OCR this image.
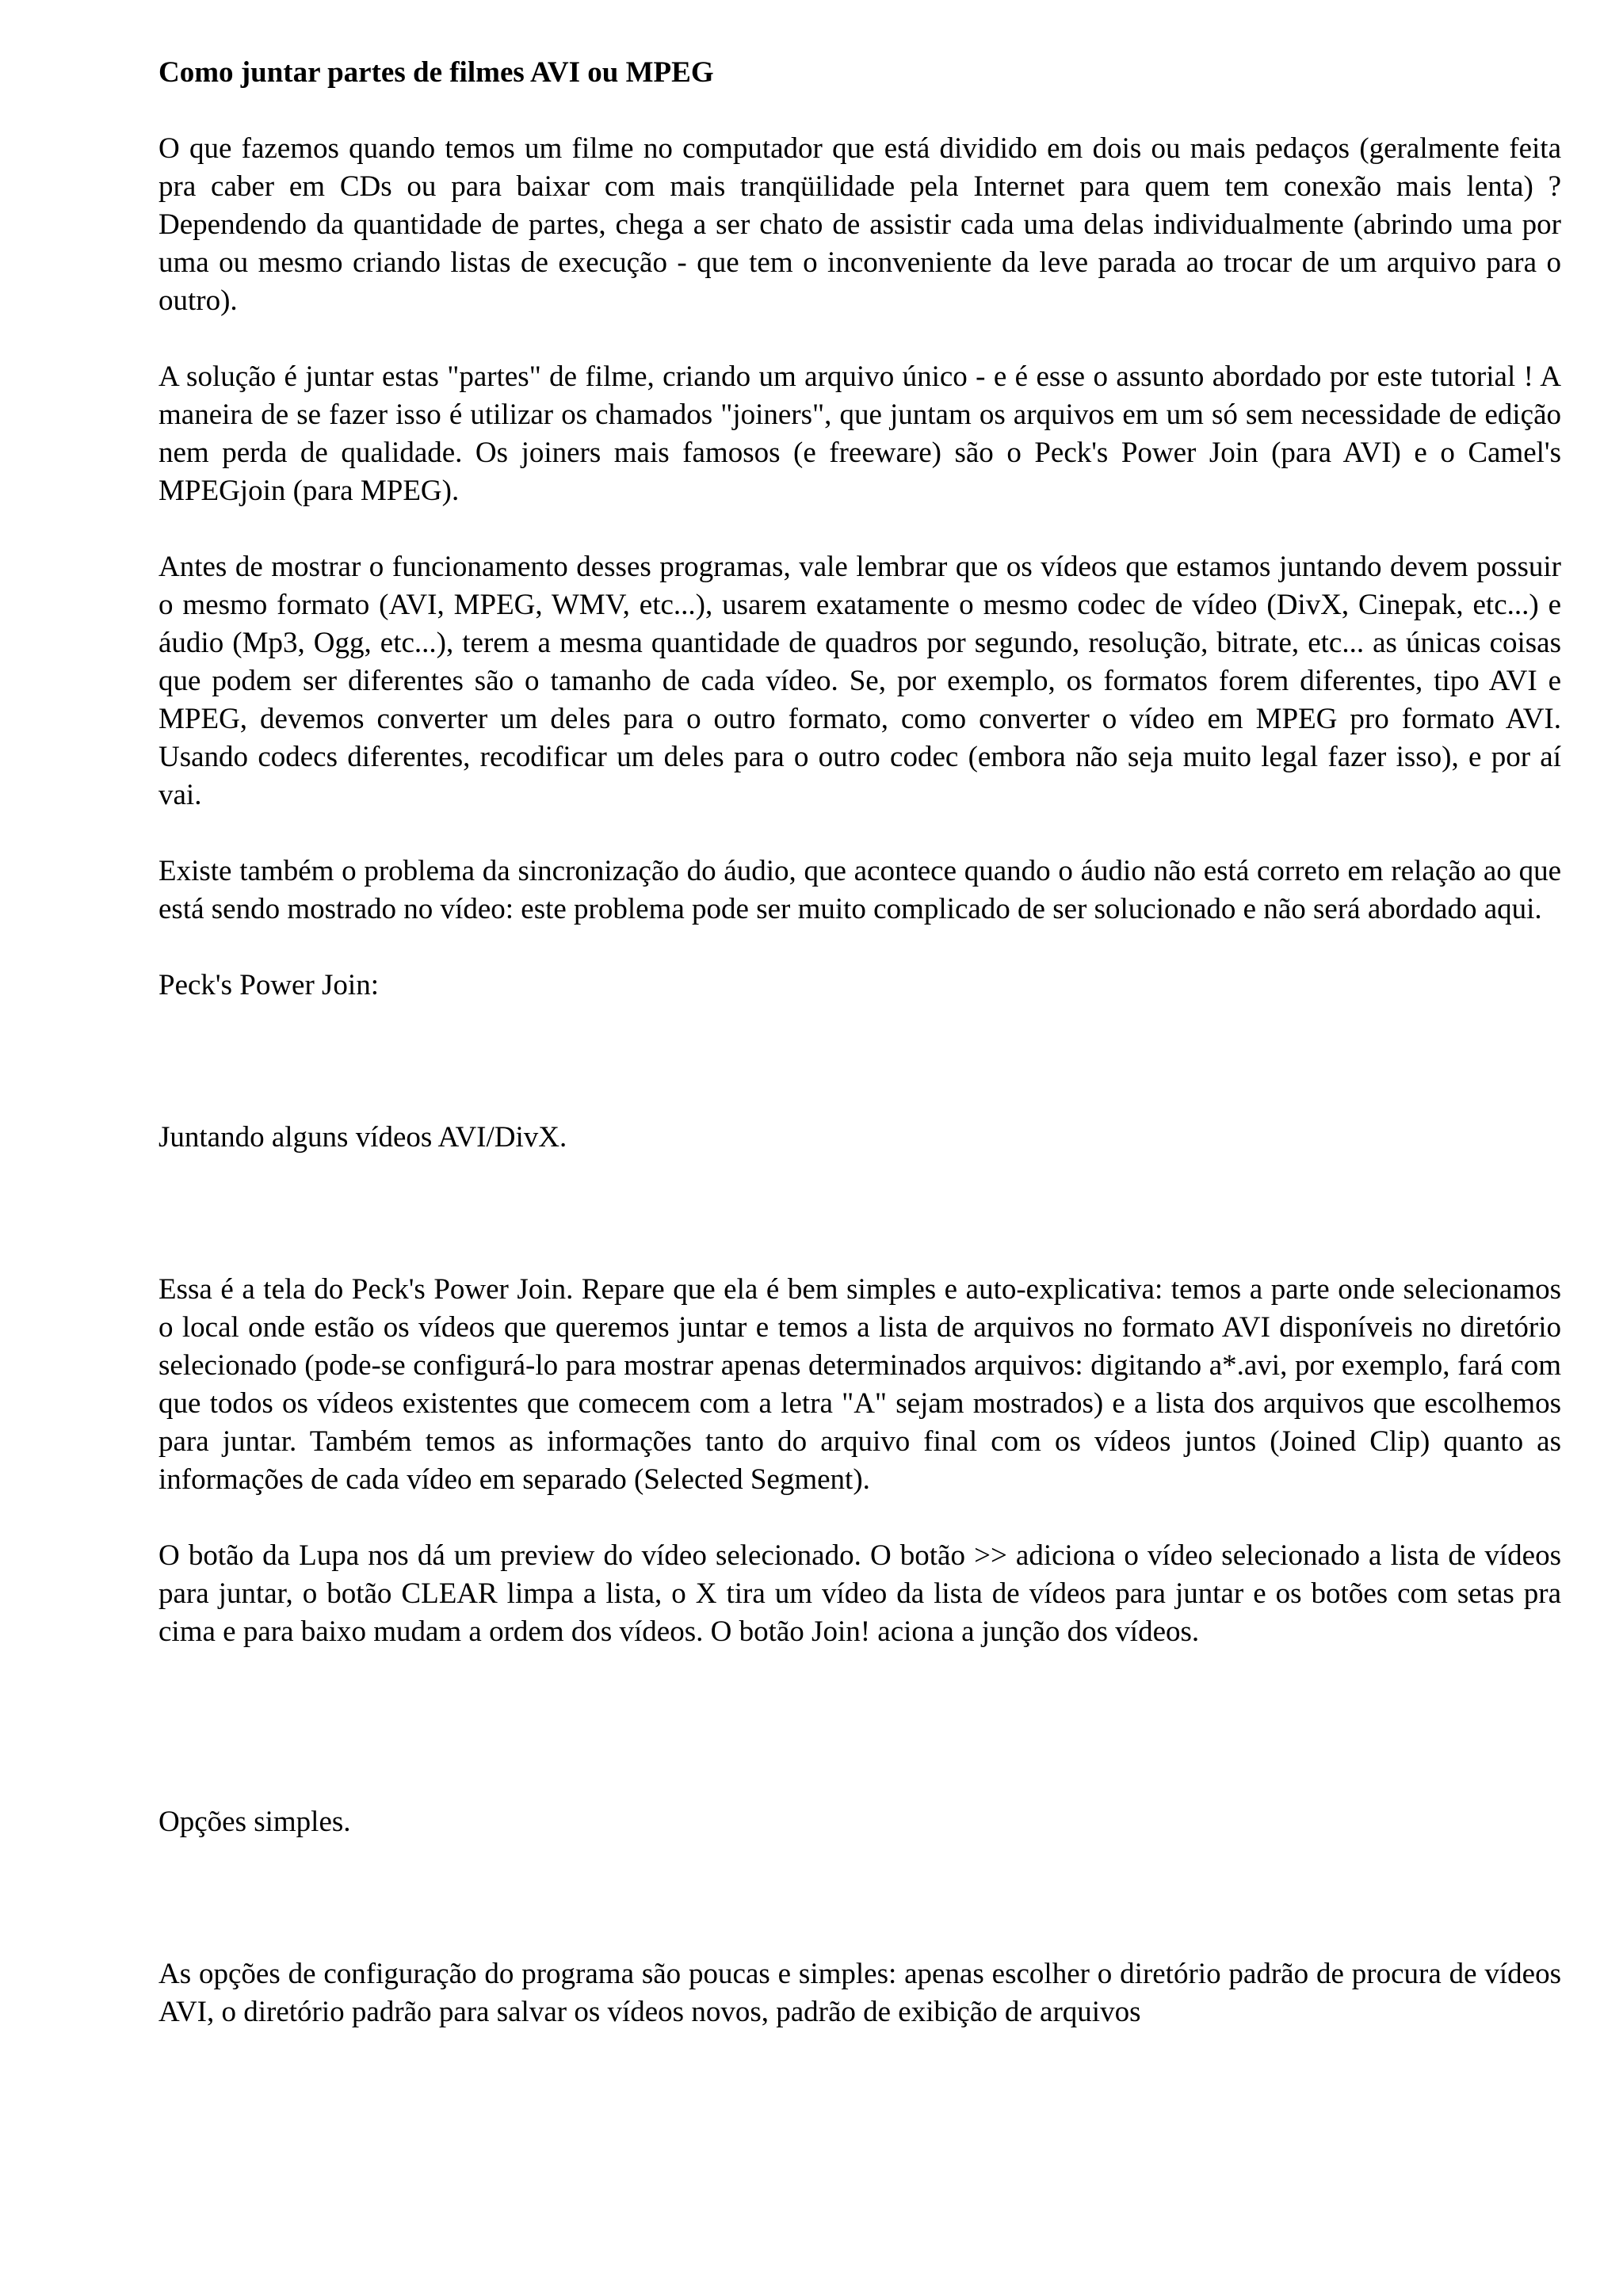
Como juntar partes de filmes AVI ou MPEG

O que fazemos quando temos um filme no computador que está dividido em dois ou mais pedaços (geralmente feita pra caber em CDs ou para baixar com mais tranqüilidade pela Internet para quem tem conexão mais lenta) ? Dependendo da quantidade de partes, chega a ser chato de assistir cada uma delas individualmente (abrindo uma por uma ou mesmo criando listas de execução - que tem o inconveniente da leve parada ao trocar de um arquivo para o outro).

A solução é juntar estas "partes" de filme, criando um arquivo único - e é esse o assunto abordado por este tutorial ! A maneira de se fazer isso é utilizar os chamados "joiners", que juntam os arquivos em um só sem necessidade de edição nem perda de qualidade. Os joiners mais famosos (e freeware) são o Peck's Power Join (para AVI) e o Camel's MPEGjoin (para MPEG).

Antes de mostrar o funcionamento desses programas, vale lembrar que os vídeos que estamos juntando devem possuir o mesmo formato (AVI, MPEG, WMV, etc...), usarem exatamente o mesmo codec de vídeo (DivX, Cinepak, etc...) e áudio (Mp3, Ogg, etc...), terem a mesma quantidade de quadros por segundo, resolução, bitrate, etc... as únicas coisas que podem ser diferentes são o tamanho de cada vídeo. Se, por exemplo, os formatos forem diferentes, tipo AVI e MPEG, devemos converter um deles para o outro formato, como converter o vídeo em MPEG pro formato AVI. Usando codecs diferentes, recodificar um deles para o outro codec (embora não seja muito legal fazer isso), e por aí vai.

Existe também o problema da sincronização do áudio, que acontece quando o áudio não está correto em relação ao que está sendo mostrado no vídeo: este problema pode ser muito complicado de ser solucionado e não será abordado aqui.

Peck's Power Join:

Juntando alguns vídeos AVI/DivX.

Essa é a tela do Peck's Power Join. Repare que ela é bem simples e auto-explicativa: temos a parte onde selecionamos o local onde estão os vídeos que queremos juntar e temos a lista de arquivos no formato AVI disponíveis no diretório selecionado (pode-se configurá-lo para mostrar apenas determinados arquivos: digitando a*.avi, por exemplo, fará com que todos os vídeos existentes que comecem com a letra "A" sejam mostrados) e a lista dos arquivos que escolhemos para juntar. Também temos as informações tanto do arquivo final com os vídeos juntos (Joined Clip) quanto as informações de cada vídeo em separado (Selected Segment).

O botão da Lupa nos dá um preview do vídeo selecionado. O botão >> adiciona o vídeo selecionado a lista de vídeos para juntar, o botão CLEAR limpa a lista, o X tira um vídeo da lista de vídeos para juntar e os botões com setas pra cima e para baixo mudam a ordem dos vídeos. O botão Join! aciona a junção dos vídeos.

Opções simples.

As opções de configuração do programa são poucas e simples: apenas escolher o diretório padrão de procura de vídeos AVI, o diretório padrão para salvar os vídeos novos, padrão de exibição de arquivos
